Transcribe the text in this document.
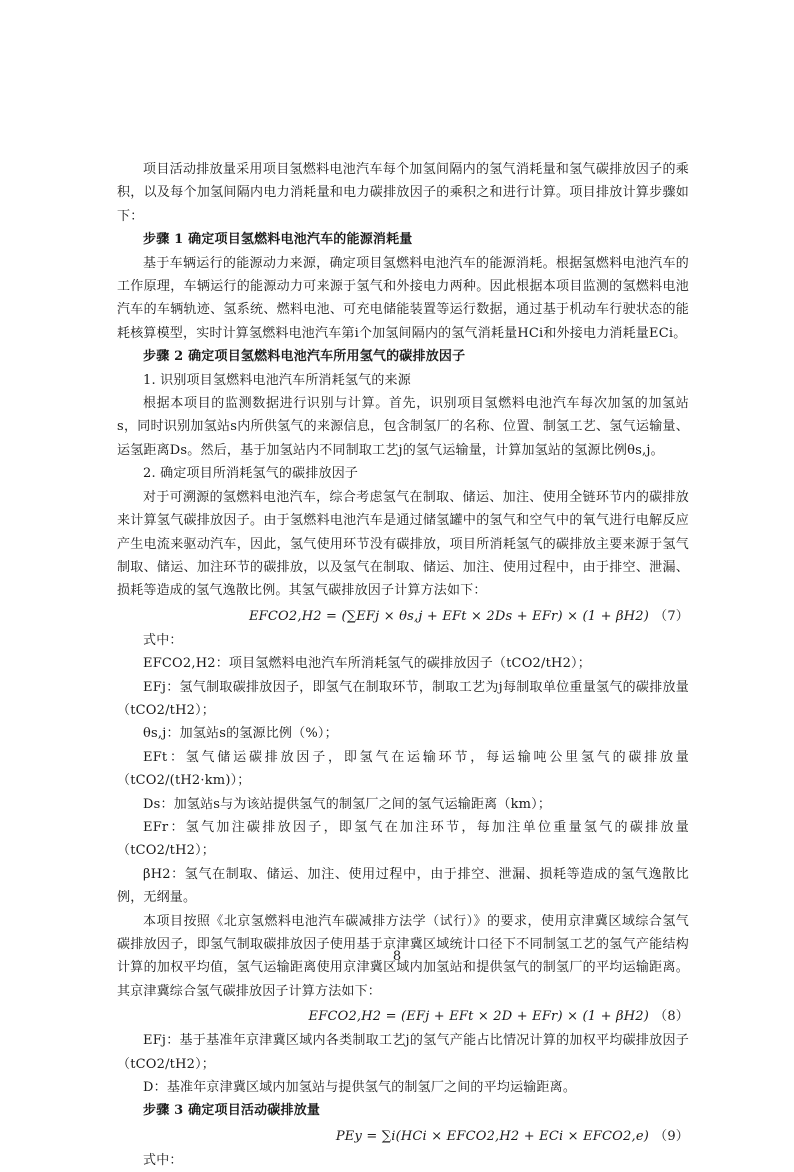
项目活动排放量采用项目氢燃料电池汽车每个加氢间隔内的氢气消耗量和氢气碳排放因子的乘积，以及每个加氢间隔内电力消耗量和电力碳排放因子的乘积之和进行计算。项目排放计算步骤如下：

步骤 1 确定项目氢燃料电池汽车的能源消耗量

基于车辆运行的能源动力来源，确定项目氢燃料电池汽车的能源消耗。根据氢燃料电池汽车的工作原理，车辆运行的能源动力可来源于氢气和外接电力两种。因此根据本项目监测的氢燃料电池汽车的车辆轨迹、氢系统、燃料电池、可充电储能装置等运行数据，通过基于机动车行驶状态的能耗核算模型，实时计算氢燃料电池汽车第i个加氢间隔内的氢气消耗量HCi和外接电力消耗量ECi。

步骤 2 确定项目氢燃料电池汽车所用氢气的碳排放因子

1. 识别项目氢燃料电池汽车所消耗氢气的来源

根据本项目的监测数据进行识别与计算。首先，识别项目氢燃料电池汽车每次加氢的加氢站s，同时识别加氢站s内所供氢气的来源信息，包含制氢厂的名称、位置、制氢工艺、氢气运输量、运氢距离Ds。然后，基于加氢站内不同制取工艺j的氢气运输量，计算加氢站的氢源比例θs,j。

2. 确定项目所消耗氢气的碳排放因子

对于可溯源的氢燃料电池汽车，综合考虑氢气在制取、储运、加注、使用全链环节内的碳排放来计算氢气碳排放因子。由于氢燃料电池汽车是通过储氢罐中的氢气和空气中的氧气进行电解反应产生电流来驱动汽车，因此，氢气使用环节没有碳排放，项目所消耗氢气的碳排放主要来源于氢气制取、储运、加注环节的碳排放，以及氢气在制取、储运、加注、使用过程中，由于排空、泄漏、损耗等造成的氢气逸散比例。其氢气碳排放因子计算方法如下：

EFCO2,H2 = (∑EFj × θs,j + EFt × 2Ds + EFr) × (1 + βH2) （7）

式中：

EFCO2,H2：项目氢燃料电池汽车所消耗氢气的碳排放因子（tCO2/tH2）；

EFj：氢气制取碳排放因子，即氢气在制取环节，制取工艺为j每制取单位重量氢气的碳排放量（tCO2/tH2）；

θs,j：加氢站s的氢源比例（%）；

EFt：氢气储运碳排放因子，即氢气在运输环节，每运输吨公里氢气的碳排放量（tCO2/(tH2·km)）；

Ds：加氢站s与为该站提供氢气的制氢厂之间的氢气运输距离（km）；

EFr：氢气加注碳排放因子，即氢气在加注环节，每加注单位重量氢气的碳排放量（tCO2/tH2）；

βH2：氢气在制取、储运、加注、使用过程中，由于排空、泄漏、损耗等造成的氢气逸散比例，无纲量。

本项目按照《北京氢燃料电池汽车碳减排方法学（试行）》的要求，使用京津冀区域综合氢气碳排放因子，即氢气制取碳排放因子使用基于京津冀区域统计口径下不同制氢工艺的氢气产能结构计算的加权平均值，氢气运输距离使用京津冀区域内加氢站和提供氢气的制氢厂的平均运输距离。其京津冀综合氢气碳排放因子计算方法如下：

EFCO2,H2 = (EFj + EFt × 2D + EFr) × (1 + βH2) （8）

EFj：基于基准年京津冀区域内各类制取工艺j的氢气产能占比情况计算的加权平均碳排放因子（tCO2/tH2）；

D：基准年京津冀区域内加氢站与提供氢气的制氢厂之间的平均运输距离。

步骤 3 确定项目活动碳排放量

PEy = ∑i(HCi × EFCO2,H2 + ECi × EFCO2,e) （9）

式中：

8
